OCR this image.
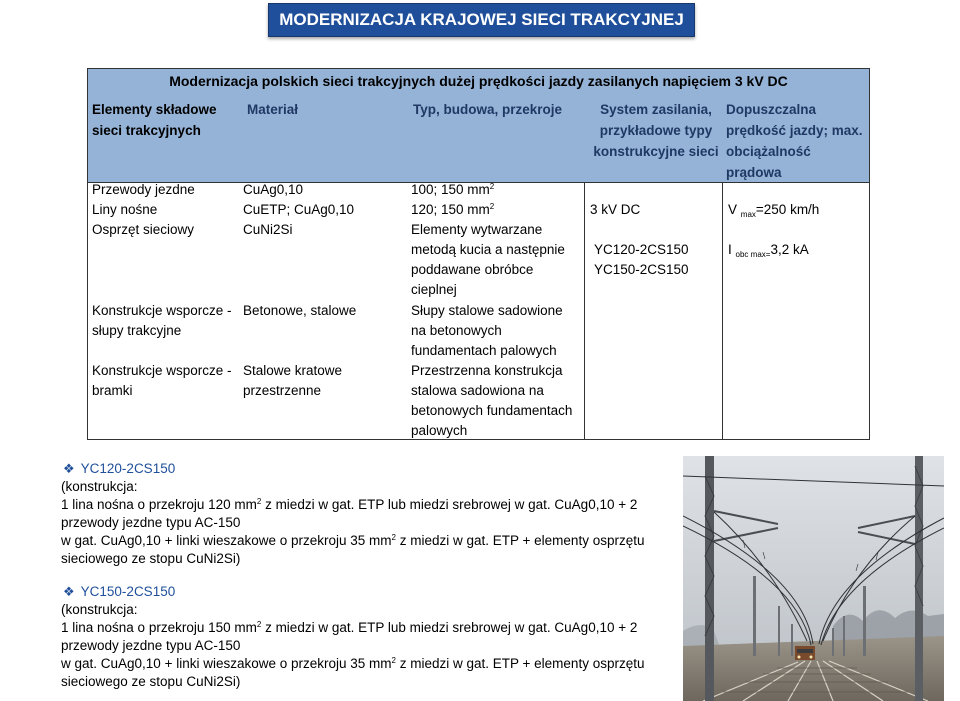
MODERNIZACJA KRAJOWEJ SIECI TRAKCYJNEJ
Modernizacja polskich sieci trakcyjnych dużej prędkości jazdy zasilanych napięciem 3 kV DC
Elementy składowe
sieci trakcyjnych
Materiał	Typ, budowa, przekroje	System zasilania,
przykładowe typy
konstrukcyjne sieci
Dopuszczalna
prędkość jazdy; max.
obciążalność prądowa
Przewody jezdne
Liny nośne
Osprzęt sieciowy
Konstrukcje wsporcze -
słupy trakcyjne
Konstrukcje wsporcze -
bramki
CuAg0,10
CuETP; CuAg0,10
CuNi2Si
Betonowe, stalowe
Stalowe kratowe
przestrzenne
100; 150 $mm^2$
120; 150 $mm^2$
Elementy wytwarzane
metodą kucia a następnie
poddawane obróbce
cieplnej
Słupy stalowe sadowione
na betonowych
fundamentach palowych
Przestrzenna konstrukcja
stalowa sadowiona na
betonowych fundamentach
palowych
3 kV DC
YC120-2CS150
YC150-2CS150
V $_{max}$=250 km/h
I $_{obc max=}$3,2 kA
❖ YC120-2CS150
(konstrukcja:
1 lina nośna o przekroju 120 $mm^2$ z miedzi w gat. ETP lub miedzi srebrowej w gat. CuAg0,10 + 2
przewody jezdne typu AC-150
w gat. CuAg0,10 + linki wieszakowe o przekroju 35 $mm^2$ z miedzi w gat. ETP + elementy osprzętu
sieciowego ze stopu CuNi2Si)
❖ YC150-2CS150
(konstrukcja:
1 lina nośna o przekroju 150 $mm^2$ z miedzi w gat. ETP lub miedzi srebrowej w gat. CuAg0,10 + 2
przewody jezdne typu AC-150
w gat. CuAg0,10 + linki wieszakowe o przekroju 35 $mm^2$ z miedzi w gat. ETP + elementy osprzętu
sieciowego ze stopu CuNi2Si)
